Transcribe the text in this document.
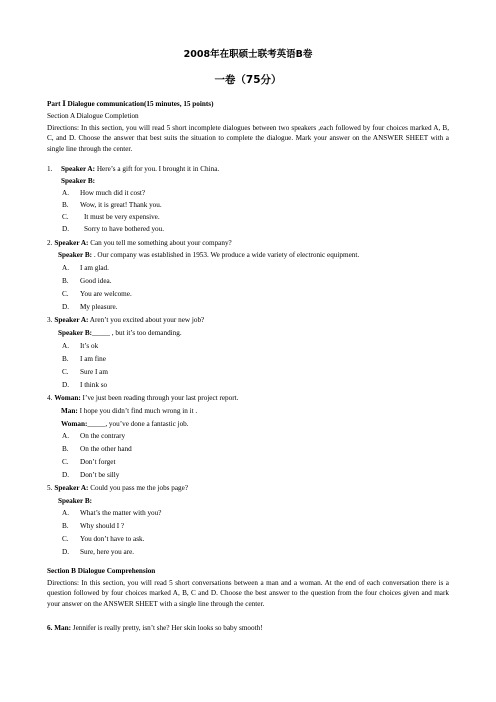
2008年在职硕士联考英语B卷
一卷（75分）
Part Ⅰ Dialogue communication(15 minutes, 15 points)
Section A Dialogue Completion
Directions: In this section, you will read 5 short incomplete dialogues between two speakers ,each followed by four choices marked A, B, C, and D. Choose the answer that best suits the situation to complete the dialogue. Mark your answer on the ANSWER SHEET with a single line through the center.
1. Speaker A: Here’s a gift for you. I brought it in China.
Speaker B:
A. How much did it cost?
B. Wow, it is great! Thank you.
C. It must be very expensive.
D. Sorry to have bothered you.
2. Speaker A: Can you tell me something about your company?
Speaker B: . Our company was established in 1953. We produce a wide variety of electronic equipment.
A. I am glad.
B. Good idea.
C. You are welcome.
D. My pleasure.
3. Speaker A: Aren’t you excited about your new job?
Speaker B:_____ , but it’s too demanding.
A. It’s ok
B. I am fine
C. Sure I am
D. I think so
4. Woman: I’ve just been reading through your last project report.
Man: I hope you didn’t find much wrong in it .
Woman:_____, you’ve done a fantastic job.
A. On the contrary
B. On the other hand
C. Don’t forget
D. Don’t be silly
5. Speaker A: Could you pass me the jobs page?
Speaker B:
A. What’s the matter with you?
B. Why should I ?
C. You don’t have to ask.
D. Sure, here you are.
Section B Dialogue Comprehension
Directions: In this section, you will read 5 short conversations between a man and a woman. At the end of each conversation there is a question followed by four choices marked A, B, C and D. Choose the best answer to the question from the four choices given and mark your answer on the ANSWER SHEET with a single line through the center.
6. Man: Jennifer is really pretty, isn’t she? Her skin looks so baby smooth!
